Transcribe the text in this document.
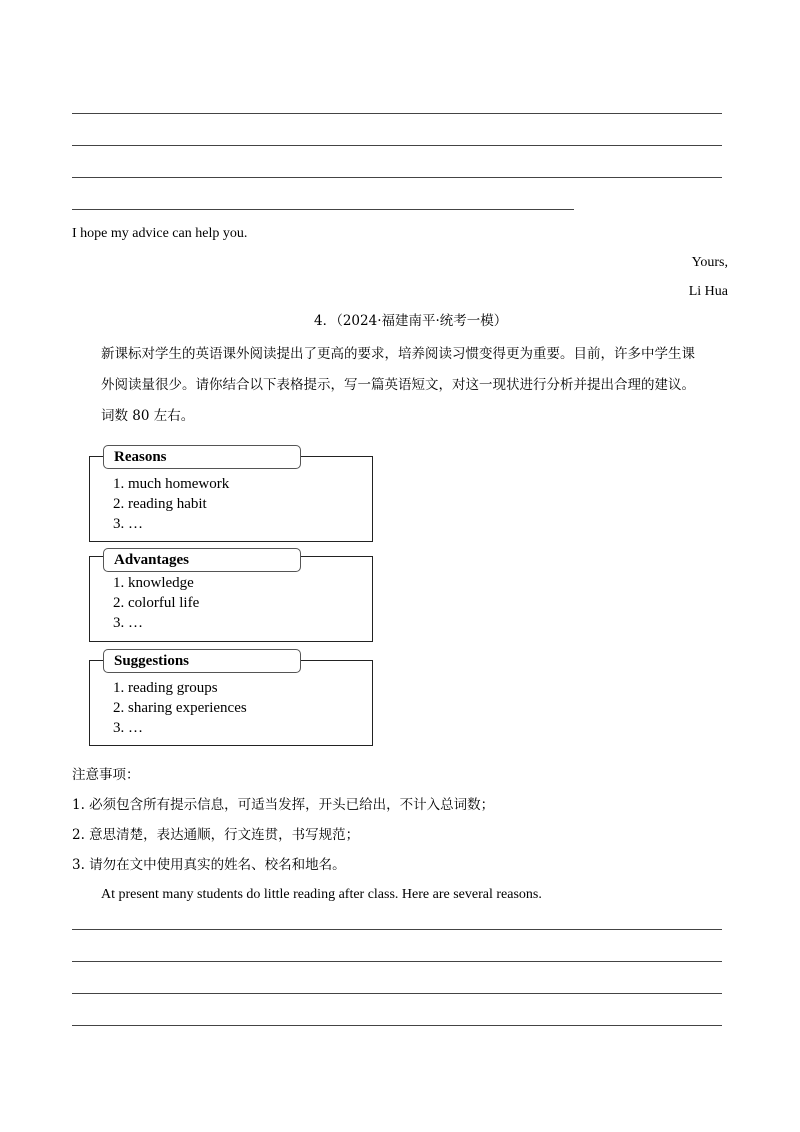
I hope my advice can help you.
Yours,
Li Hua
4．（2024·福建南平·统考一模）
新课标对学生的英语课外阅读提出了更高的要求，培养阅读习惯变得更为重要。目前，许多中学生课
外阅读量很少。请你结合以下表格提示，写一篇英语短文，对这一现状进行分析并提出合理的建议。
词数 80 左右。
Reasons
1. much homework
2. reading habit
3. …
Advantages
1. knowledge
2. colorful life
3. …
Suggestions
1. reading groups
2. sharing experiences
3. …
注意事项：
1. 必须包含所有提示信息，可适当发挥，开头已给出，不计入总词数；
2. 意思清楚，表达通顺，行文连贯，书写规范；
3. 请勿在文中使用真实的姓名、校名和地名。
At present many students do little reading after class. Here are several reasons.
